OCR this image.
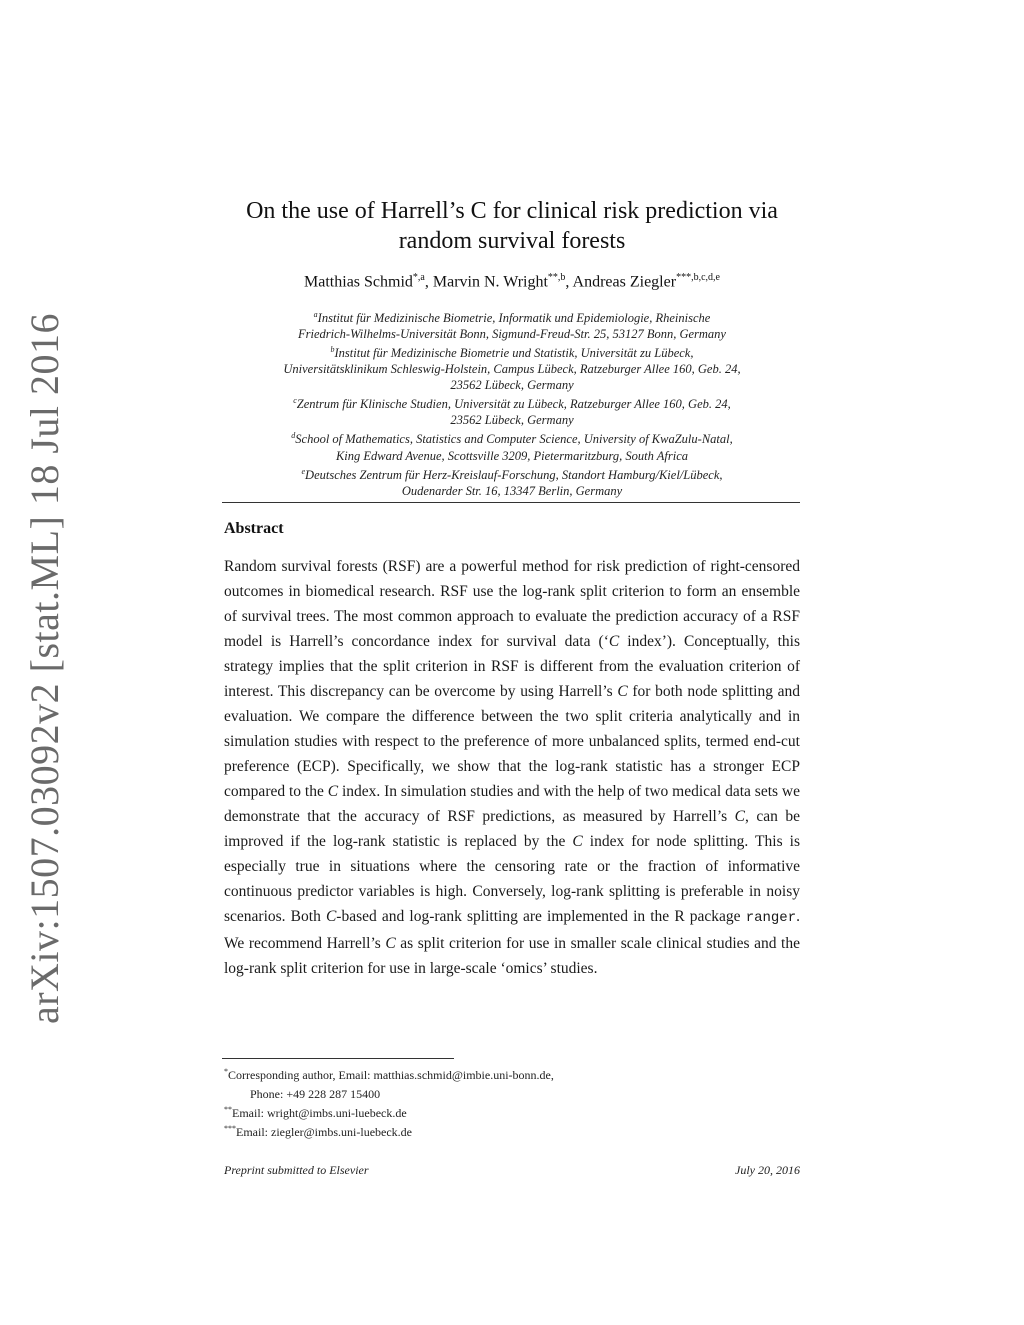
arXiv:1507.03092v2 [stat.ML] 18 Jul 2016
On the use of Harrell’s C for clinical risk prediction via
random survival forests
Matthias Schmid$^{*,a}$, Marvin N. Wright$^{**,b}$, Andreas Ziegler$^{***,b,c,d,e}$
$^a$Institut für Medizinische Biometrie, Informatik und Epidemiologie, Rheinische
Friedrich-Wilhelms-Universität Bonn, Sigmund-Freud-Str. 25, 53127 Bonn, Germany
$^b$Institut für Medizinische Biometrie und Statistik, Universität zu Lübeck,
Universitätsklinikum Schleswig-Holstein, Campus Lübeck, Ratzeburger Allee 160, Geb. 24,
23562 Lübeck, Germany
$^c$Zentrum für Klinische Studien, Universität zu Lübeck, Ratzeburger Allee 160, Geb. 24,
23562 Lübeck, Germany
$^d$School of Mathematics, Statistics and Computer Science, University of KwaZulu-Natal,
King Edward Avenue, Scottsville 3209, Pietermaritzburg, South Africa
$^e$Deutsches Zentrum für Herz-Kreislauf-Forschung, Standort Hamburg/Kiel/Lübeck,
Oudenarder Str. 16, 13347 Berlin, Germany
Abstract
Random survival forests (RSF) are a powerful method for risk prediction of right-censored outcomes in biomedical research. RSF use the log-rank split criterion to form an ensemble of survival trees. The most common approach to evaluate the prediction accuracy of a RSF model is Harrell’s concordance index for survival data (‘C index’). Conceptually, this strategy implies that the split criterion in RSF is different from the evaluation criterion of interest. This discrepancy can be overcome by using Harrell’s C for both node splitting and evaluation. We compare the difference between the two split criteria analytically and in simulation studies with respect to the preference of more unbalanced splits, termed end-cut preference (ECP). Specifically, we show that the log-rank statistic has a stronger ECP compared to the C index. In simulation studies and with the help of two medical data sets we demonstrate that the accuracy of RSF predictions, as measured by Harrell’s C, can be improved if the log-rank statistic is replaced by the C index for node splitting. This is especially true in situations where the censoring rate or the fraction of informative continuous predictor variables is high. Conversely, log-rank splitting is preferable in noisy scenarios. Both C-based and log-rank splitting are implemented in the R package ranger. We recommend Harrell’s C as split criterion for use in smaller scale clinical studies and the log-rank split criterion for use in large-scale ‘omics’ studies.
*Corresponding author, Email: matthias.schmid@imbie.uni-bonn.de,
Phone: +49 228 287 15400
**Email: wright@imbs.uni-luebeck.de
***Email: ziegler@imbs.uni-luebeck.de
Preprint submitted to Elsevier	July 20, 2016
